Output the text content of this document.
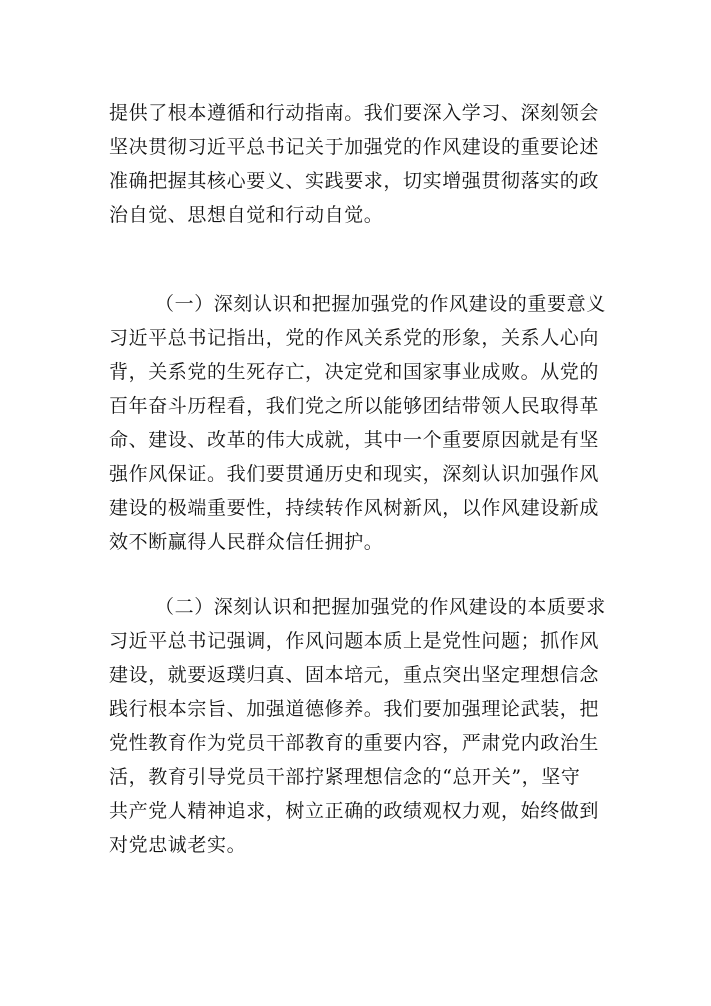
提供了根本遵循和行动指南。我们要深入学习、深刻领会
坚决贯彻习近平总书记关于加强党的作风建设的重要论述
准确把握其核心要义、实践要求，切实增强贯彻落实的政
治自觉、思想自觉和行动自觉。
（一）深刻认识和把握加强党的作风建设的重要意义
习近平总书记指出，党的作风关系党的形象，关系人心向
背，关系党的生死存亡，决定党和国家事业成败。从党的
百年奋斗历程看，我们党之所以能够团结带领人民取得革
命、建设、改革的伟大成就，其中一个重要原因就是有坚
强作风保证。我们要贯通历史和现实，深刻认识加强作风
建设的极端重要性，持续转作风树新风，以作风建设新成
效不断赢得人民群众信任拥护。
（二）深刻认识和把握加强党的作风建设的本质要求
习近平总书记强调，作风问题本质上是党性问题；抓作风
建设，就要返璞归真、固本培元，重点突出坚定理想信念
践行根本宗旨、加强道德修养。我们要加强理论武装，把
党性教育作为党员干部教育的重要内容，严肃党内政治生
活，教育引导党员干部拧紧理想信念的“总开关”，坚守
共产党人精神追求，树立正确的政绩观权力观，始终做到
对党忠诚老实。
